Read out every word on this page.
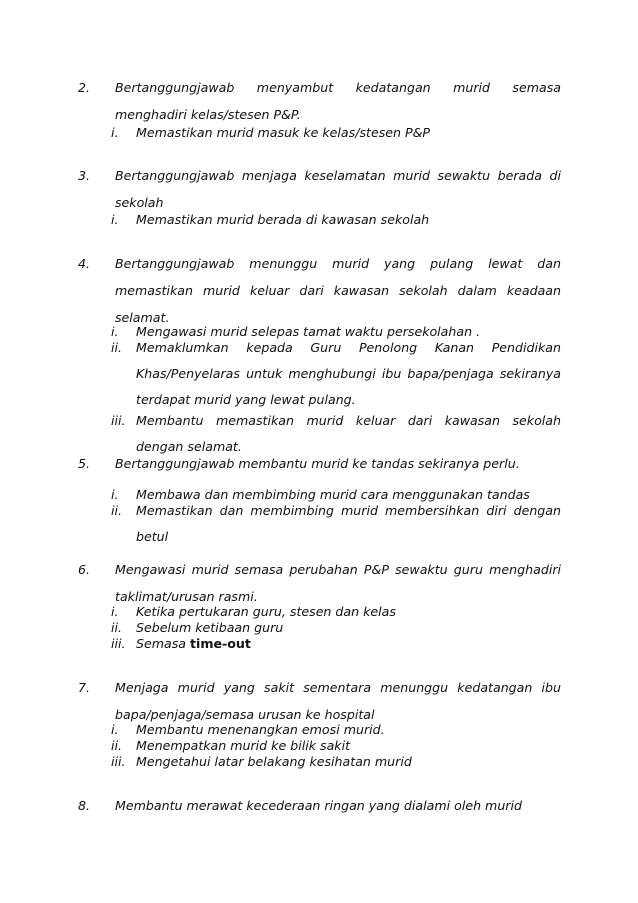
2. Bertanggungjawab menyambut kedatangan murid semasa menghadiri kelas/stesen P&P.
i. Memastikan murid masuk ke kelas/stesen P&P
3. Bertanggungjawab menjaga keselamatan murid sewaktu berada di sekolah
i. Memastikan murid berada di kawasan sekolah
4. Bertanggungjawab menunggu murid yang pulang lewat dan memastikan murid keluar dari kawasan sekolah dalam keadaan selamat.
i. Mengawasi murid selepas tamat waktu persekolahan .
ii. Memaklumkan kepada Guru Penolong Kanan Pendidikan Khas/Penyelaras untuk menghubungi ibu bapa/penjaga sekiranya terdapat murid yang lewat pulang.
iii. Membantu memastikan murid keluar dari kawasan sekolah dengan selamat.
5. Bertanggungjawab membantu murid ke tandas sekiranya perlu.
i. Membawa dan membimbing murid cara menggunakan tandas
ii. Memastikan dan membimbing murid membersihkan diri dengan betul
6. Mengawasi murid semasa perubahan P&P sewaktu guru menghadiri taklimat/urusan rasmi.
i. Ketika pertukaran guru, stesen dan kelas
ii. Sebelum ketibaan guru
iii. Semasa time-out
7. Menjaga murid yang sakit sementara menunggu kedatangan ibu bapa/penjaga/semasa urusan ke hospital
i. Membantu menenangkan emosi murid.
ii. Menempatkan murid ke bilik sakit
iii. Mengetahui latar belakang kesihatan murid
8. Membantu merawat kecederaan ringan yang dialami oleh murid
